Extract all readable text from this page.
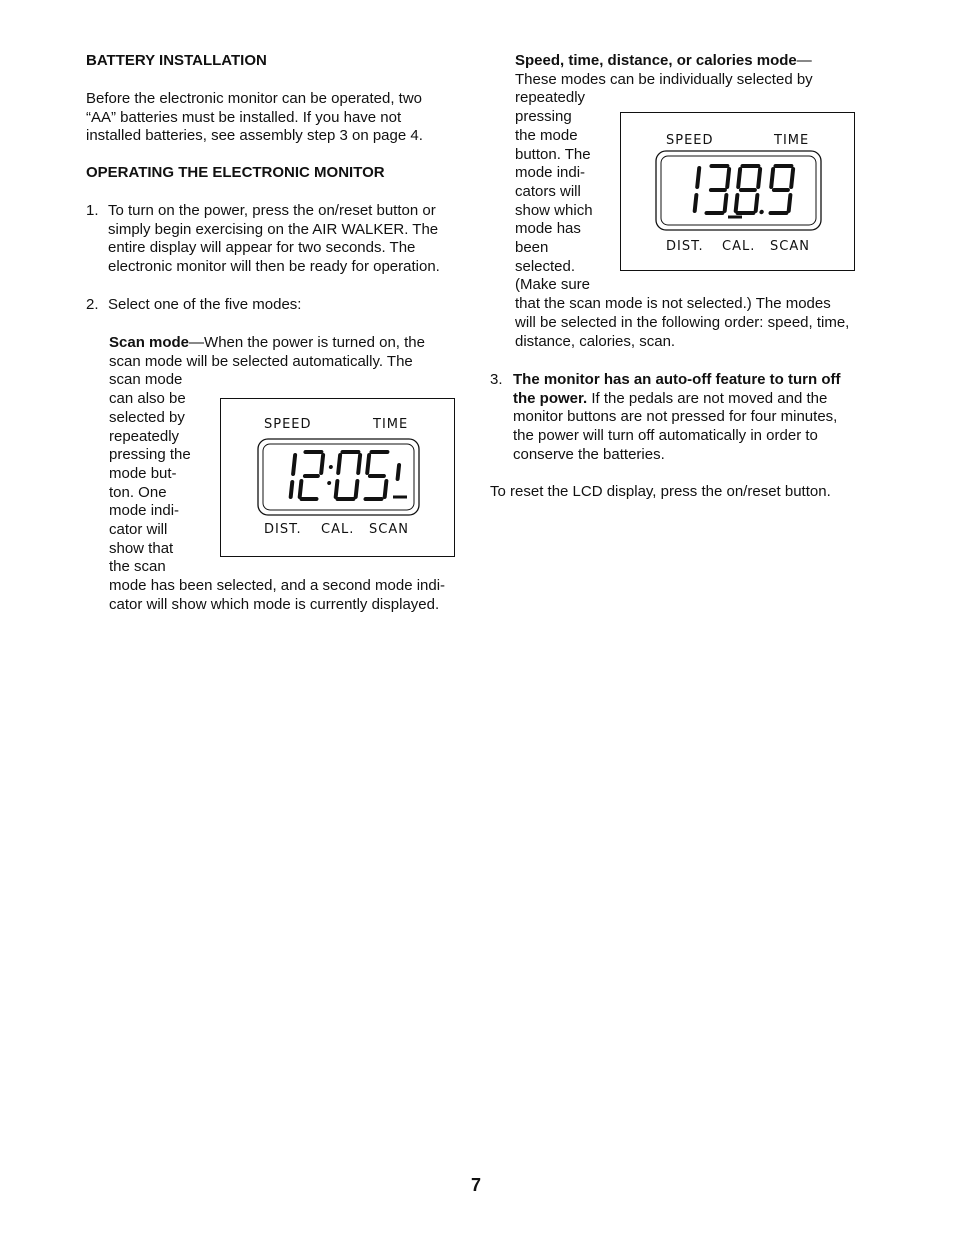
BATTERY INSTALLATION
Before the electronic monitor can be operated, two
“AA” batteries must be installed. If you have not
installed batteries, see assembly step 3 on page 4.
OPERATING THE ELECTRONIC MONITOR
1. To turn on the power, press the on/reset button or
simply begin exercising on the AIR WALKER. The
entire display will appear for two seconds. The
electronic monitor will then be ready for operation.
2. Select one of the five modes:
Scan mode—When the power is turned on, the
scan mode will be selected automatically. The
scan mode
can also be
selected by
repeatedly
pressing the
mode but-
ton. One
mode indi-
cator will
show that
the scan
mode has been selected, and a second mode indi-
cator will show which mode is currently displayed.
SPEED	TIME
DIST. CAL. SCAN
Speed, time, distance, or calories mode—
These modes can be individually selected by
repeatedly
pressing
the mode
button. The
mode indi-
cators will
show which
mode has
been
selected.
(Make sure
that the scan mode is not selected.) The modes
will be selected in the following order: speed, time,
distance, calories, scan.
SPEED	TIME
DIST. CAL. SCAN
3. The monitor has an auto-off feature to turn off
the power. If the pedals are not moved and the
monitor buttons are not pressed for four minutes,
the power will turn off automatically in order to
conserve the batteries.
To reset the LCD display, press the on/reset button.
7
